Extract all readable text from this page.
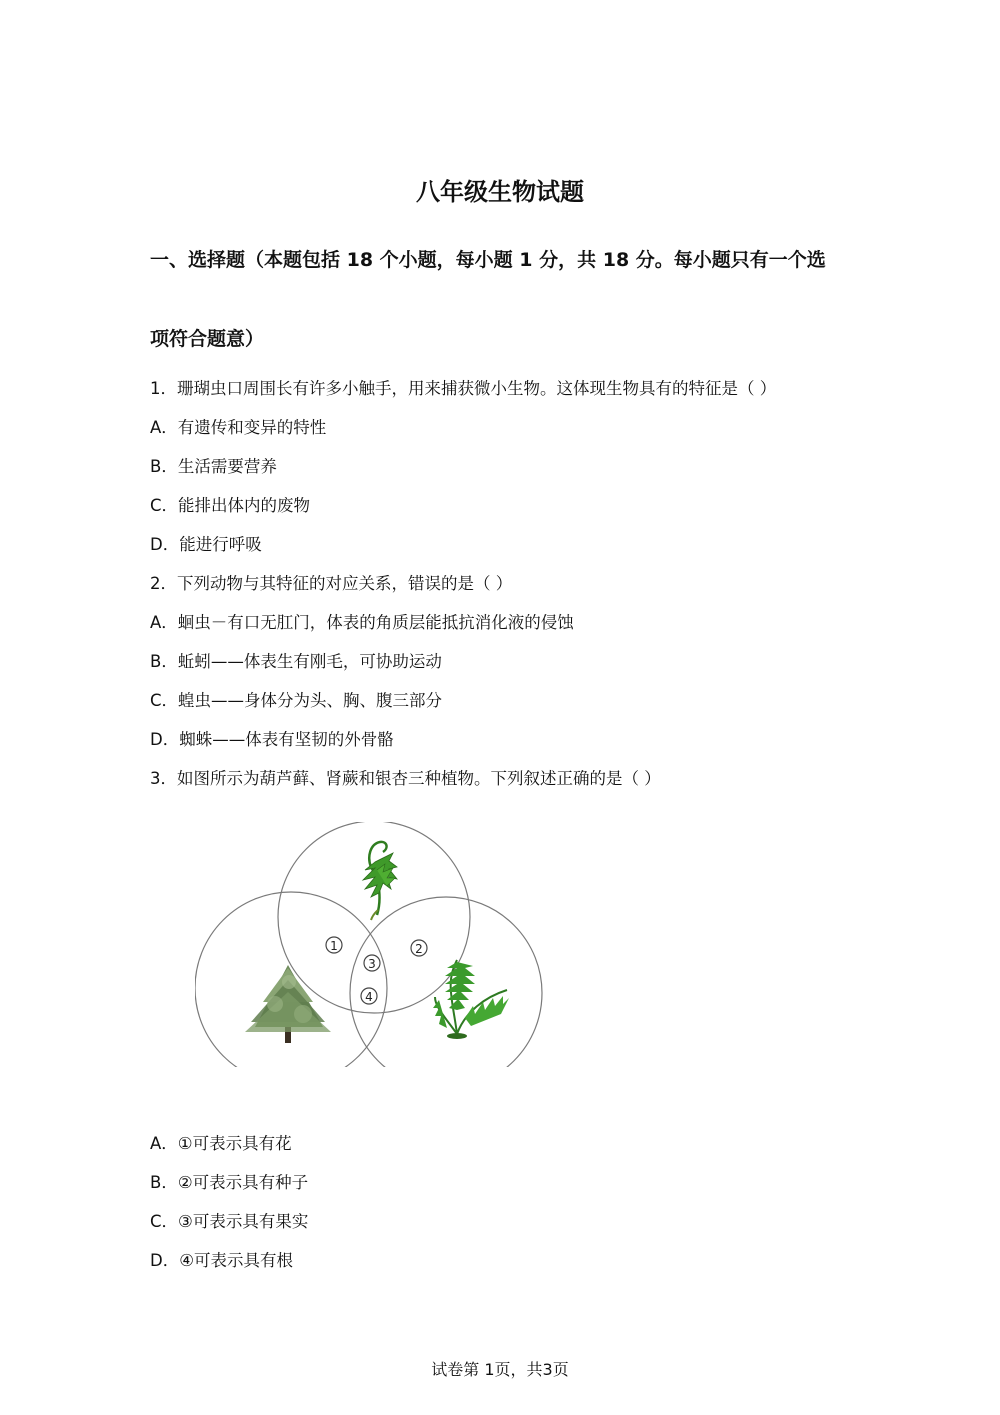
八年级生物试题
一、选择题（本题包括 18 个小题，每小题 1 分，共 18 分。每小题只有一个选
项符合题意）
1．珊瑚虫口周围长有许多小触手，用来捕获微小生物。这体现生物具有的特征是（ ）
A．有遗传和变异的特性
B．生活需要营养
C．能排出体内的废物
D．能进行呼吸
2．下列动物与其特征的对应关系，错误的是（ ）
A．蛔虫－有口无肛门，体表的角质层能抵抗消化液的侵蚀
B．蚯蚓——体表生有刚毛，可协助运动
C．蝗虫——身体分为头、胸、腹三部分
D．蜘蛛——体表有坚韧的外骨骼
3．如图所示为葫芦藓、肾蕨和银杏三种植物。下列叙述正确的是（ ）
1	2
3
4
A．①可表示具有花
B．②可表示具有种子
C．③可表示具有果实
D．④可表示具有根
试卷第 1页，共3页
